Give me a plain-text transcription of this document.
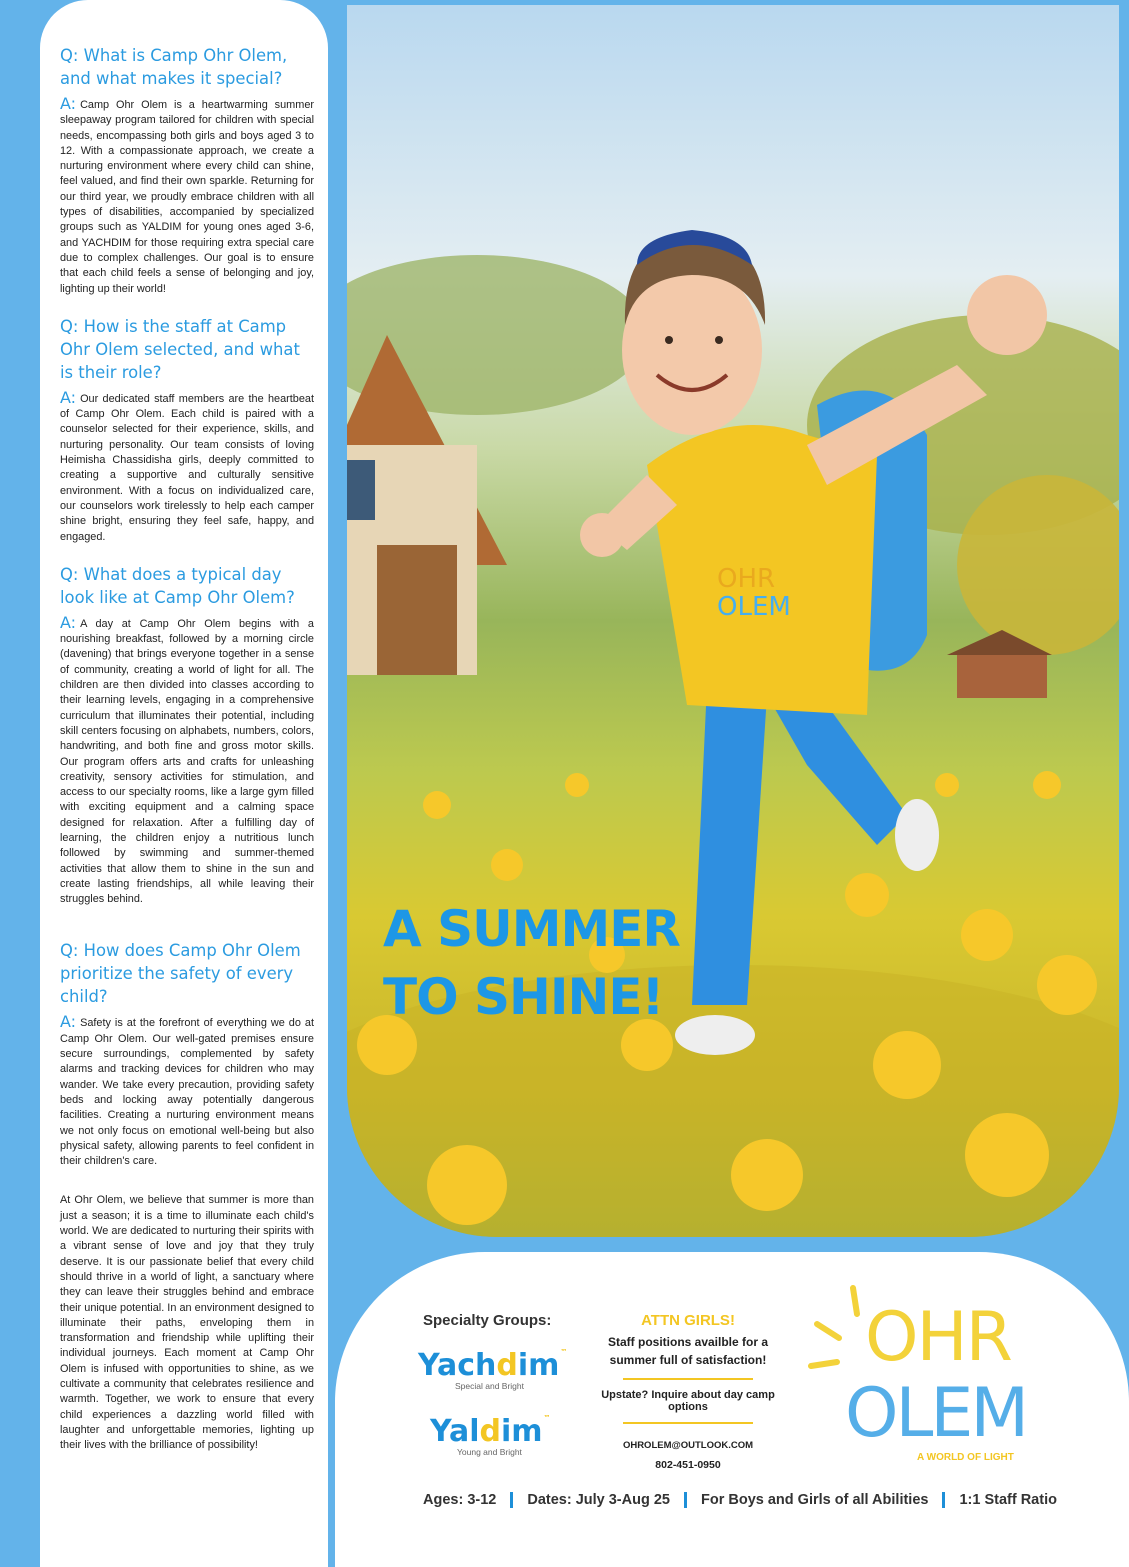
Q: What is Camp Ohr Olem, and what makes it special?

A: Camp Ohr Olem is a heartwarming summer sleepaway program tailored for children with special needs, encompassing both girls and boys aged 3 to 12. With a compassionate approach, we create a nurturing environment where every child can shine, feel valued, and find their own sparkle. Returning for our third year, we proudly embrace children with all types of disabilities, accompanied by specialized groups such as YALDIM for young ones aged 3-6, and YACHDIM for those requiring extra special care due to complex challenges. Our goal is to ensure that each child feels a sense of belonging and joy, lighting up their world!

Q: How is the staff at Camp Ohr Olem selected, and what is their role?

A: Our dedicated staff members are the heartbeat of Camp Ohr Olem. Each child is paired with a counselor selected for their experience, skills, and nurturing personality. Our team consists of loving Heimisha Chassidisha girls, deeply committed to creating a supportive and culturally sensitive environment. With a focus on individualized care, our counselors work tirelessly to help each camper shine bright, ensuring they feel safe, happy, and engaged.

Q: What does a typical day look like at Camp Ohr Olem?

A: A day at Camp Ohr Olem begins with a nourishing breakfast, followed by a morning circle (davening) that brings everyone together in a sense of community, creating a world of light for all. The children are then divided into classes according to their learning levels, engaging in a comprehensive curriculum that illuminates their potential, including skill centers focusing on alphabets, numbers, colors, handwriting, and both fine and gross motor skills. Our program offers arts and crafts for unleashing creativity, sensory activities for stimulation, and access to our specialty rooms, like a large gym filled with exciting equipment and a calming space designed for relaxation. After a fulfilling day of learning, the children enjoy a nutritious lunch followed by swimming and summer-themed activities that allow them to shine in the sun and create lasting friendships, all while leaving their struggles behind.

Q: How does Camp Ohr Olem prioritize the safety of every child?

A: Safety is at the forefront of everything we do at Camp Ohr Olem. Our well-gated premises ensure secure surroundings, complemented by safety alarms and tracking devices for children who may wander. We take every precaution, providing safety beds and locking away potentially dangerous facilities. Creating a nurturing environment means we not only focus on emotional well-being but also physical safety, allowing parents to feel confident in their children's care.

At Ohr Olem, we believe that summer is more than just a season; it is a time to illuminate each child's world. We are dedicated to nurturing their spirits with a vibrant sense of love and joy that they truly deserve. It is our passionate belief that every child should thrive in a world of light, a sanctuary where they can leave their struggles behind and embrace their unique potential. In an environment designed to illuminate their paths, enveloping them in transformation and friendship while uplifting their individual journeys. Each moment at Camp Ohr Olem is infused with opportunities to shine, as we cultivate a community that celebrates resilience and warmth. Together, we work to ensure that every child experiences a dazzling world filled with laughter and unforgettable memories, lighting up their lives with the brilliance of possibility!

OHR
OLEM
A SUMMER
TO SHINE!
Specialty Groups:
Yachdim™
Special and Bright
Yaldim™
Young and Bright
ATTN GIRLS!
Staff positions availble for a summer full of satisfaction!
Upstate? Inquire about day camp options
OHROLEM@OUTLOOK.COM
802-451-0950
OHR
OLEM
A WORLD OF LIGHT
Ages: 3-12 Dates: July 3-Aug 25 For Boys and Girls of all Abilities 1:1 Staff Ratio
